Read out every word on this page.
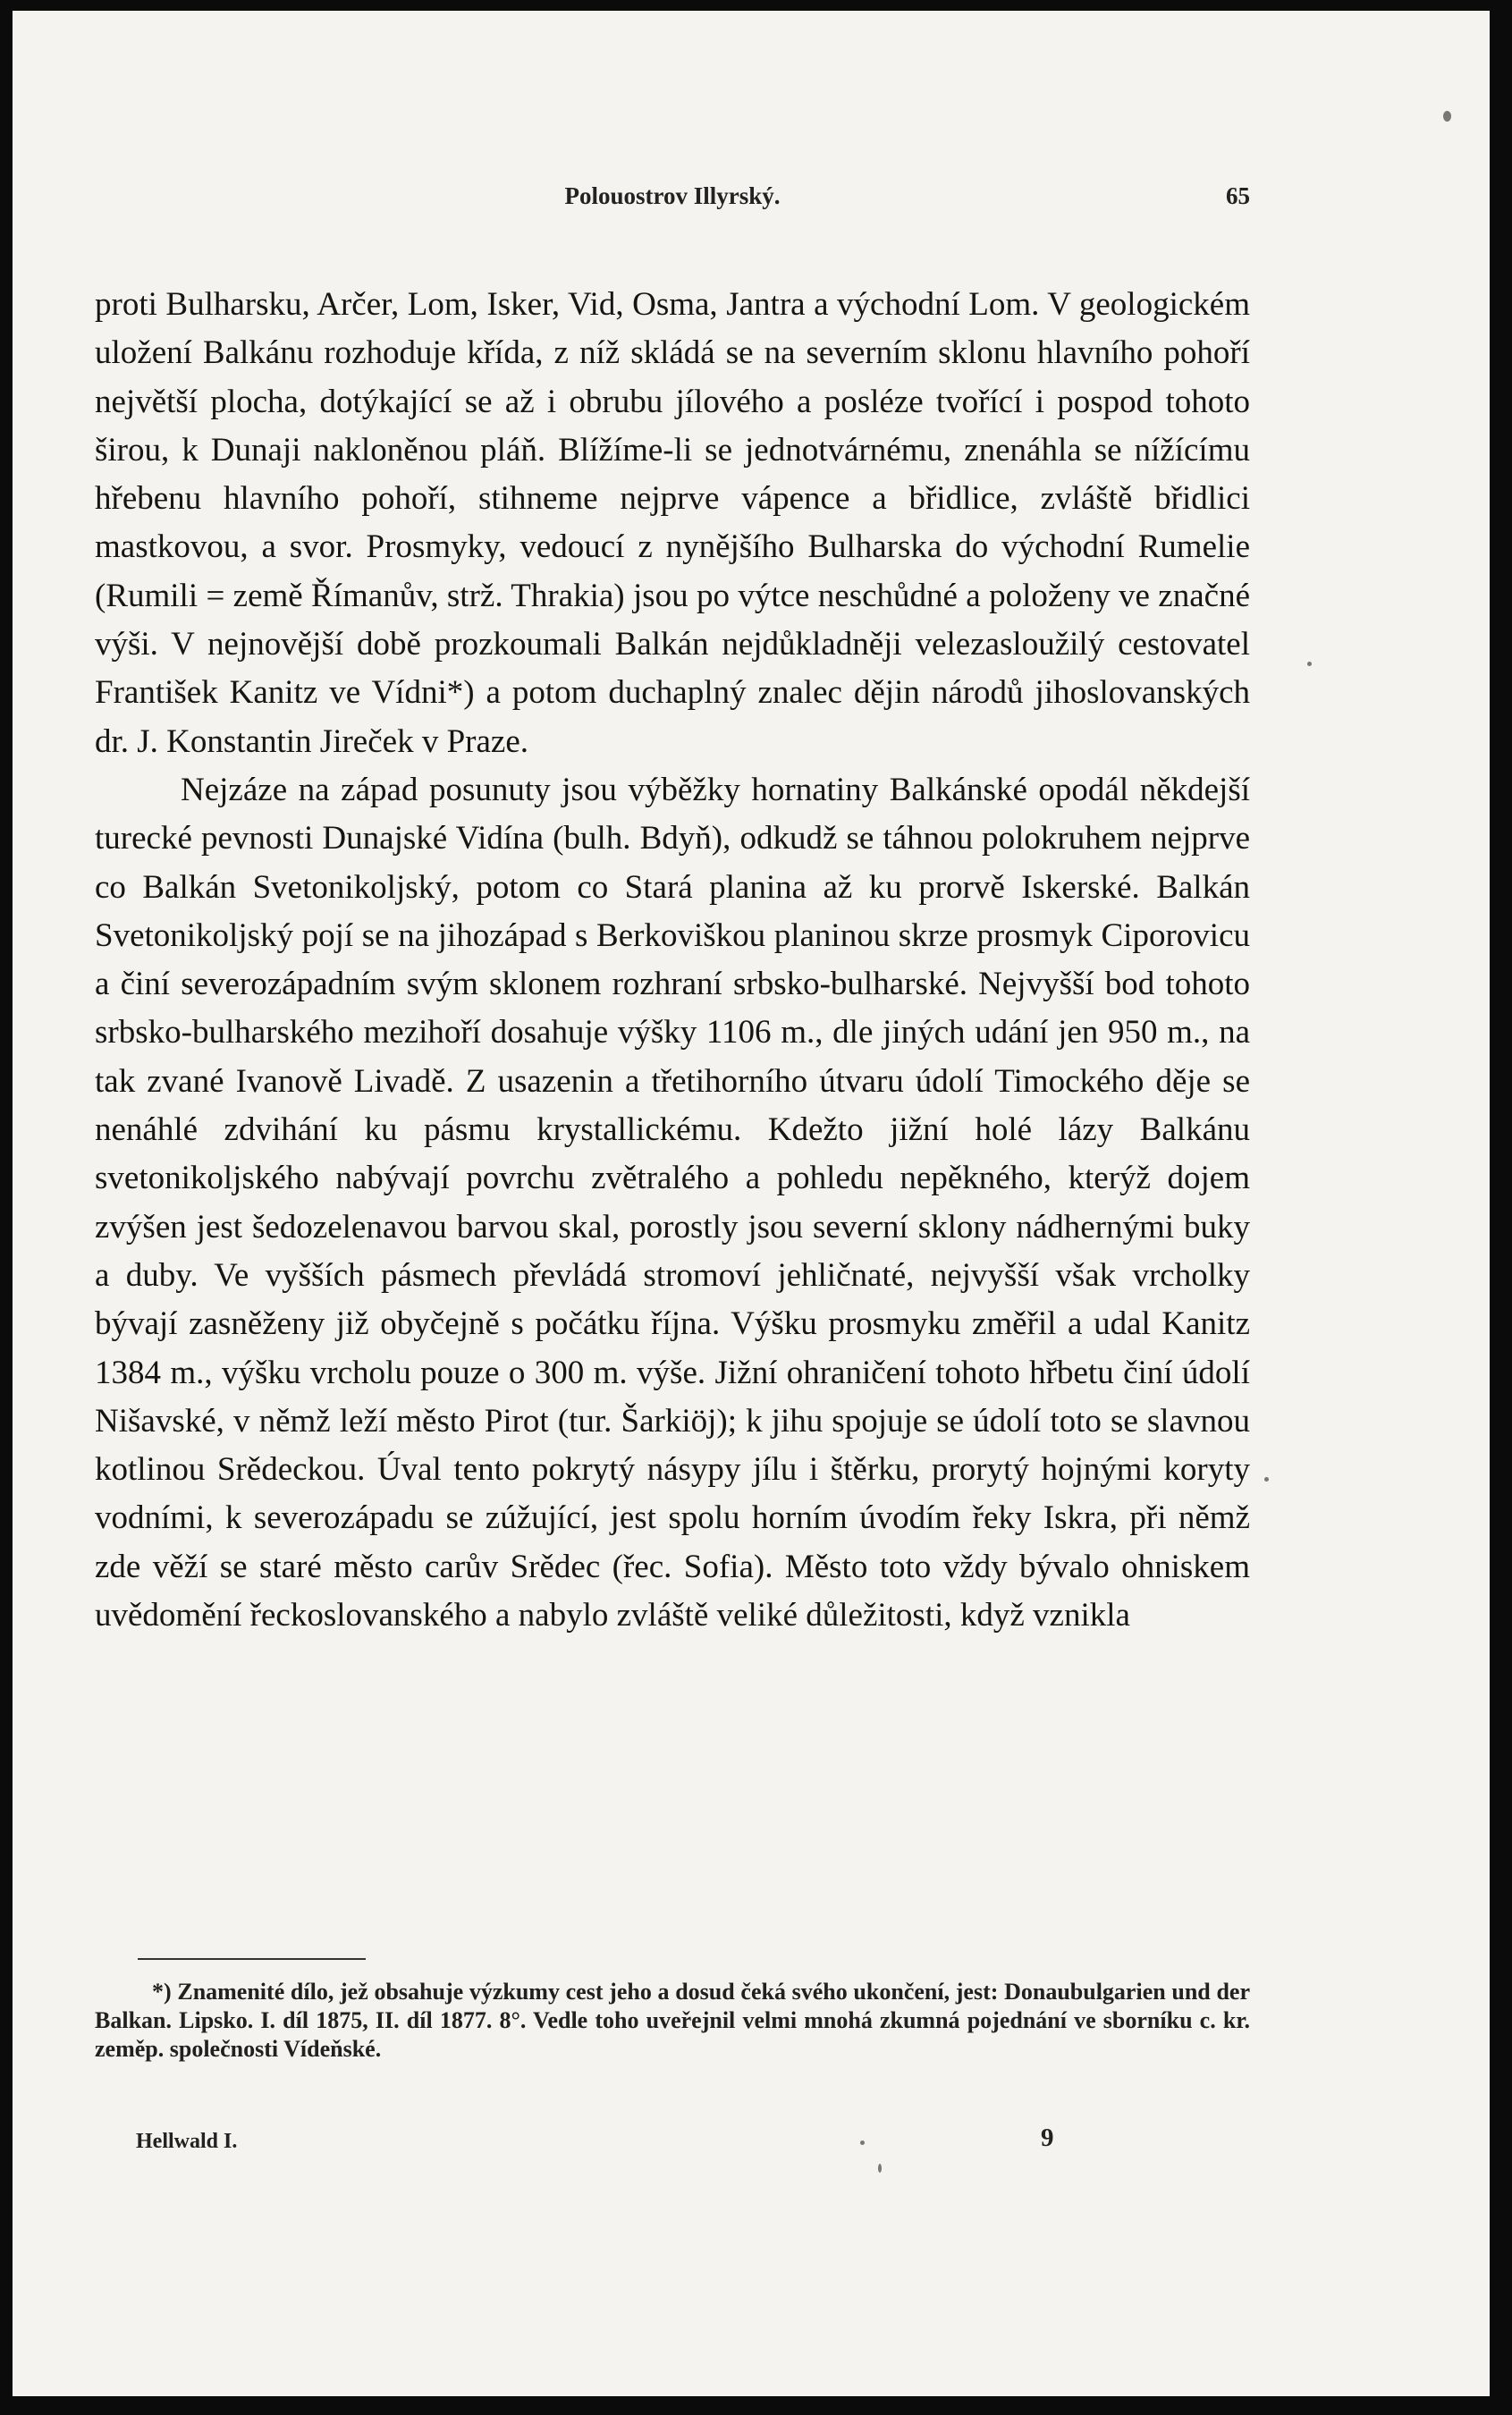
Polouostrov Illyrský.	65

proti Bulharsku, Arčer, Lom, Isker, Vid, Osma, Jantra a východní Lom. V geologickém uložení Balkánu rozhoduje křída, z níž skládá se na severním sklonu hlavního pohoří největší plocha, dotýkající se až i obrubu jílového a posléze tvořící i pospod tohoto širou, k Dunaji nakloněnou pláň. Blížíme-li se jednotvárnému, znenáhla se nížícímu hřebenu hlavního pohoří, stihneme nejprve vápence a břidlice, zvláště břidlici mastkovou, a svor. Prosmyky, vedoucí z nynějšího Bulharska do východní Rumelie (Rumili = země Římanův, strž. Thrakia) jsou po výtce neschůdné a položeny ve značné výši. V nejnovější době prozkoumali Balkán nejdůkladněji velezasloužilý cestovatel František Kanitz ve Vídni*) a potom duchaplný znalec dějin národů jihoslovanských dr. J. Konstantin Jireček v Praze.

Nejzáze na západ posunuty jsou výběžky hornatiny Balkánské opodál někdejší turecké pevnosti Dunajské Vidína (bulh. Bdyň), odkudž se táhnou polokruhem nejprve co Balkán Svetonikoljský, potom co Stará planina až ku prorvě Iskerské. Balkán Svetonikoljský pojí se na jihozápad s Berkoviškou planinou skrze prosmyk Ciporovicu a činí severozápadním svým sklonem rozhraní srbsko-bulharské. Nejvyšší bod tohoto srbsko-bulharského mezihoří dosahuje výšky 1106 m., dle jiných udání jen 950 m., na tak zvané Ivanově Livadě. Z usazenin a třetihorního útvaru údolí Timockého děje se nenáhlé zdvihání ku pásmu krystallickému. Kdežto jižní holé lázy Balkánu svetonikoljského nabývají povrchu zvětralého a pohledu nepěkného, kterýž dojem zvýšen jest šedozelenavou barvou skal, porostly jsou severní sklony nádhernými buky a duby. Ve vyšších pásmech převládá stromoví jehličnaté, nejvyšší však vrcholky bývají zasněženy již obyčejně s počátku října. Výšku prosmyku změřil a udal Kanitz 1384 m., výšku vrcholu pouze o 300 m. výše. Jižní ohraničení tohoto hřbetu činí údolí Nišavské, v němž leží město Pirot (tur. Šarkiöj); k jihu spojuje se údolí toto se slavnou kotlinou Srědeckou. Úval tento pokrytý násypy jílu i štěrku, prorytý hojnými koryty vodními, k severozápadu se zúžující, jest spolu horním úvodím řeky Iskra, při němž zde věží se staré město carův Srědec (řec. Sofia). Město toto vždy bývalo ohniskem uvědomění řeckoslovanského a nabylo zvláště veliké důležitosti, když vznikla

*) Znamenité dílo, jež obsahuje výzkumy cest jeho a dosud čeká svého ukončení, jest: Donaubulgarien und der Balkan. Lipsko. I. díl 1875, II. díl 1877. 8°. Vedle toho uveřejnil velmi mnohá zkumná pojednání ve sborníku c. kr. zeměp. společnosti Vídeňské.

Hellwald I.	9
